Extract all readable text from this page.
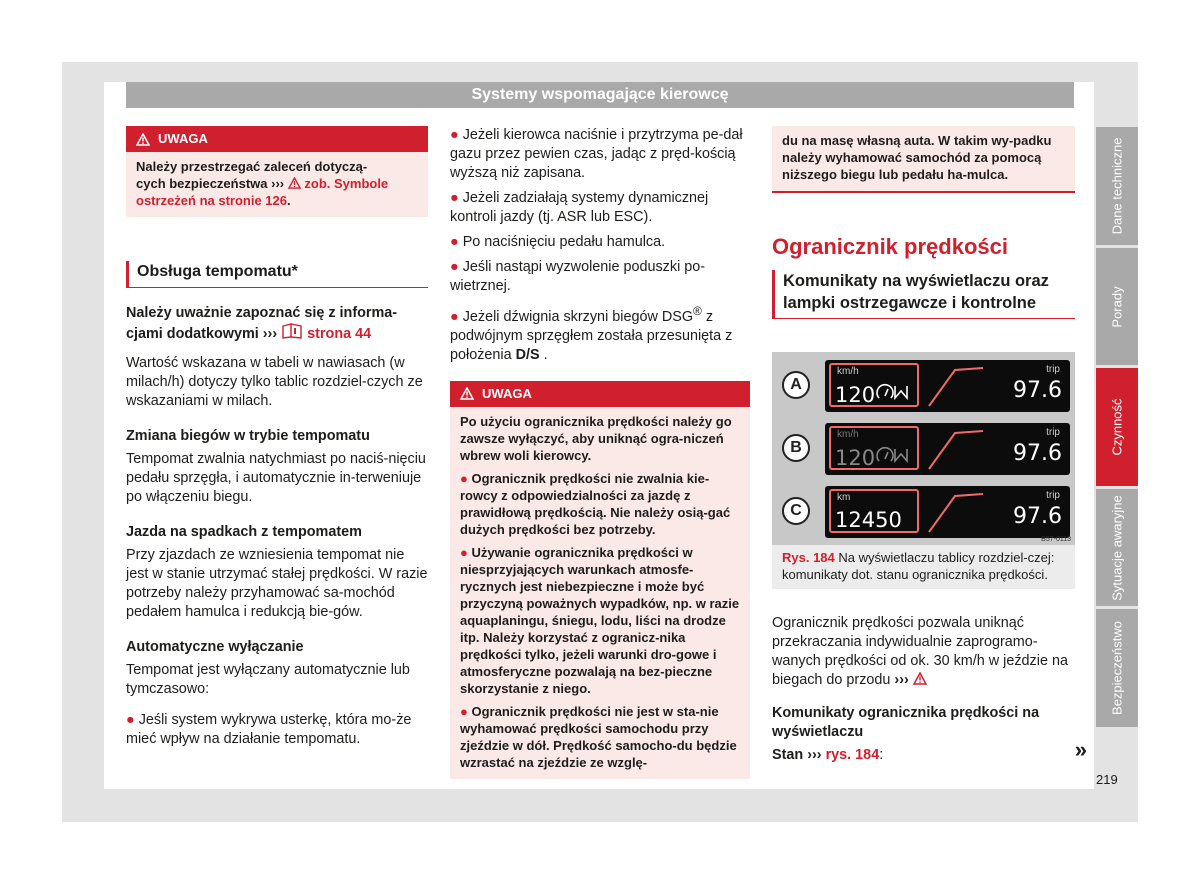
Systemy wspomagające kierowcę
UWAGA
Należy przestrzegać zaleceń dotyczą-
cych bezpieczeństwa ››› zob. Symbole
ostrzeżeń na stronie 126.
Obsługa tempomatu*
Należy uważnie zapoznać się z informa-
cjami dodatkowymi ››› strona 44
Wartość wskazana w tabeli w nawiasach (w milach/h) dotyczy tylko tablic rozdziel-czych ze wskazaniami w milach.
Zmiana biegów w trybie tempomatu
Tempomat zwalnia natychmiast po naciś-nięciu pedału sprzęgła, i automatycznie in-terweniuje po włączeniu biegu.
Jazda na spadkach z tempomatem
Przy zjazdach ze wzniesienia tempomat nie jest w stanie utrzymać stałej prędkości. W razie potrzeby należy przyhamować sa-mochód pedałem hamulca i redukcją bie-gów.
Automatyczne wyłączanie
Tempomat jest wyłączany automatycznie lub tymczasowo:
● Jeśli system wykrywa usterkę, która mo-że mieć wpływ na działanie tempomatu.
● Jeżeli kierowca naciśnie i przytrzyma pe-dał gazu przez pewien czas, jadąc z pręd-kością wyższą niż zapisana.
● Jeżeli zadziałają systemy dynamicznej kontroli jazdy (tj. ASR lub ESC).
● Po naciśnięciu pedału hamulca.
● Jeśli nastąpi wyzwolenie poduszki po-wietrznej.
● Jeżeli dźwignia skrzyni biegów DSG® z podwójnym sprzęgłem została przesunięta z położenia D/S .
UWAGA

Po użyciu ogranicznika prędkości należy go zawsze wyłączyć, aby uniknąć ogra-niczeń wbrew woli kierowcy.

● Ogranicznik prędkości nie zwalnia kie-rowcy z odpowiedzialności za jazdę z prawidłową prędkością. Nie należy osią-gać dużych prędkości bez potrzeby.

● Używanie ogranicznika prędkości w niesprzyjających warunkach atmosfe-rycznych jest niebezpieczne i może być przyczyną poważnych wypadków, np. w razie aquaplaningu, śniegu, lodu, liści na drodze itp. Należy korzystać z ogranicz-nika prędkości tylko, jeżeli warunki dro-gowe i atmosferyczne pozwalają na bez-pieczne skorzystanie z niego.

● Ogranicznik prędkości nie jest w sta-nie wyhamować prędkości samochodu przy zjeździe w dół. Prędkość samocho-du będzie wzrastać na zjeździe ze wzglę-

du na masę własną auta. W takim wy-padku należy wyhamować samochód za pomocą niższego biegu lub pedału ha-mulca.
Ogranicznik prędkości
Komunikaty na wyświetlaczu oraz lampki ostrzegawcze i kontrolne
A
km/h
120
trip
97.6
B
km/h
120
trip
97.6
C
km
12450
trip
97.6
B57-0113
Rys. 184 Na wyświetlaczu tablicy rozdziel-czej: komunikaty dot. stanu ogranicznika prędkości.
Ogranicznik prędkości pozwala uniknąć przekraczania indywidualnie zaprogramo-wanych prędkości od ok. 30 km/h w jeździe na biegach do przodu ›››
Komunikaty ogranicznika prędkości na wyświetlaczu
Stan ››› rys. 184:	»
Dane techniczne
Porady
Czynność
Sytuacje awaryjne
Bezpieczeństwo
219
